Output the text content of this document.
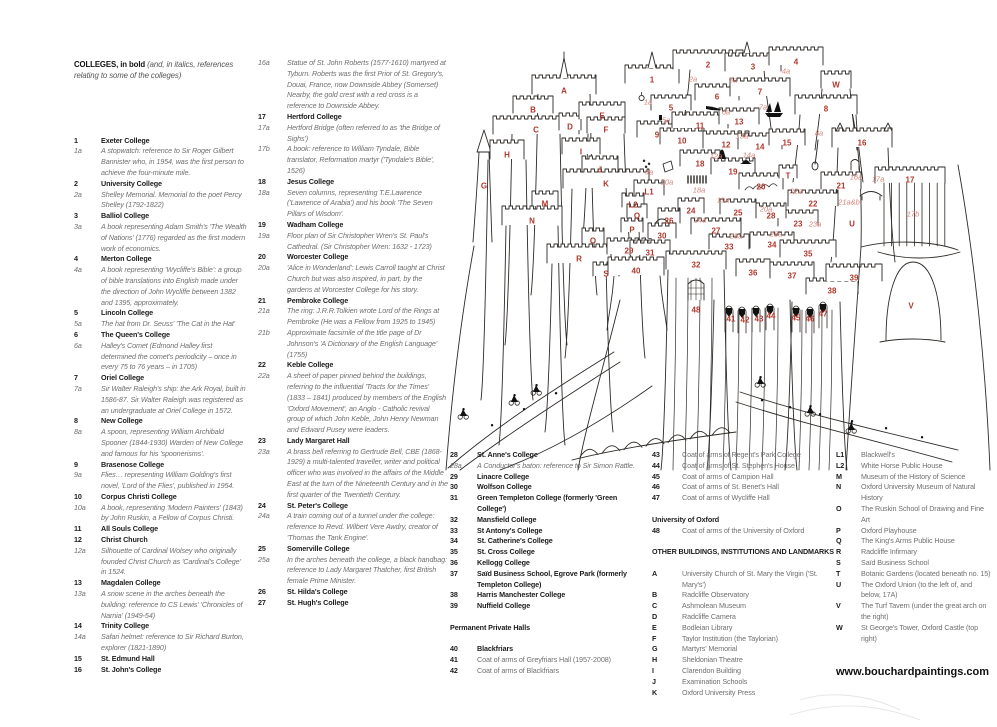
A
B
C	D
E
F
G
H	I
J
K
M
N
O
P
Q
R
S
T
U
V
W
L1
L2
1
2	3
4
5
6
7
8
9
10
11
12
13
14 15	16
17
18
19
20	21
22
23
24	25
26
27
28
29
30
31
32
33	34
35
36	37
38
39
40
41 42 43 44 45 46
47
48
1a
2a	3a
4a
5a
6a
7a
8a
9a
10a
12a
13a
14a
16a 17a
17b
18a
19a
20a
21a&b
22a
23a
24a
25a	28a
COLLEGES, in bold (and, in italics, references relating to some of the colleges)
1	Exeter College
1a	A stopwatch: reference to Sir Roger Gilbert Bannister who, in 1954, was the first person to achieve the four-minute mile.
2	University College
2a	Shelley Memorial. Memorial to the poet Percy Shelley (1792-1822)
3	Balliol College
3a	A book representing Adam Smith's 'The Wealth of Nations' (1776) regarded as the first modern work of economics.
4	Merton College
4a	A book representing 'Wycliffe's Bible': a group of bible translations into English made under the direction of John Wycliffe between 1382 and 1395, approximately.
5	Lincoln College
5a	The hat from Dr. Seuss' 'The Cat in the Hat'
6	The Queen's College
6a	Halley's Comet (Edmond Halley first determined the comet's periodicity – once in every 75 to 76 years – in 1705)
7	Oriel College
7a	Sir Walter Raleigh's ship: the Ark Royal, built in 1586-87. Sir Walter Raleigh was registered as an undergraduate at Oriel College in 1572.
8	New College
8a	A spoon, representing William Archibald Spooner (1844-1930) Warden of New College and famous for his 'spoonerisms'.
9	Brasenose College
9a	Flies… representing William Golding's first novel, 'Lord of the Flies', published in 1954.
10	Corpus Christi College
10a	A book, representing 'Modern Painters' (1843) by John Ruskin, a Fellow of Corpus Christi.
11	All Souls College
12	Christ Church
12a	Silhouette of Cardinal Wolsey who originally founded Christ Church as 'Cardinal's College' in 1524.
13	Magdalen College
13a	A snow scene in the arches beneath the building: reference to CS Lewis' 'Chronicles of Narnia' (1949-54)
14	Trinity College
14a	Safari helmet: reference to Sir Richard Burton, explorer (1821-1890)
15	St. Edmund Hall
16	St. John's College
16a	Statue of St. John Roberts (1577-1610) martyred at Tyburn. Roberts was the first Prior of St. Gregory's, Douai, France, now Downside Abbey (Somerset) Nearby, the gold crest with a red cross is a reference to Downside Abbey.
17	Hertford College
17a	Hertford Bridge (often referred to as 'the Bridge of Sighs')
17b	A book: reference to William Tyndale, Bible translator, Reformation martyr ('Tyndale's Bible', 1526)
18	Jesus College
18a	Seven columns, representing T.E.Lawrence ('Lawrence of Arabia') and his book 'The Seven Pillars of Wisdom'.
19	Wadham College
19a	Floor plan of Sir Christopher Wren's St. Paul's Cathedral. (Sir Christopher Wren: 1632 - 1723)
20	Worcester College
20a	'Alice in Wonderland': Lewis Carroll taught at Christ Church but was also inspired, in part, by the gardens at Worcester College for his story.
21	Pembroke College
21a	The ring: J.R.R.Tolkien wrote Lord of the Rings at Pembroke (He was a Fellow from 1925 to 1945)
21b	Approximate facsimile of the title page of Dr Johnson's 'A Dictionary of the English Language' (1755)
22	Keble College
22a	A sheet of paper pinned behind the buildings, referring to the influential 'Tracts for the Times' (1833 – 1841) produced by members of the English 'Oxford Movement', an Anglo - Catholic revival group of which John Keble, John Henry Newman and Edward Pusey were leaders.
23	Lady Margaret Hall
23a	A brass bell referring to Gertrude Bell, CBE (1868-1929) a multi-talented traveller, writer and political officer who was involved in the affairs of the Middle East at the turn of the Nineteenth Century and in the first quarter of the Twentieth Century.
24	St. Peter's College
24a	A train coming out of a tunnel under the college: reference to Revd. Wilbert Vere Awdry, creator of 'Thomas the Tank Engine'.
25	Somerville College
25a	In the arches beneath the college, a black handbag: reference to Lady Margaret Thatcher, first British female Prime Minister.
26	St. Hilda's College
27	St. Hugh's College
28	St. Anne's College
28a	A Conductor's baton: reference to Sir Simon Rattle.
29	Linacre College
30	Wolfson College
31	Green Templeton College (formerly 'Green College')
32	Mansfield College
33	St Antony's College
34	St. Catherine's College
35	St. Cross College
36	Kellogg College
37	Saïd Business School, Egrove Park (formerly Templeton College)
38	Harris Manchester College
39	Nuffield College
Permanent Private Halls
40	Blackfriars
41	Coat of arms of Greyfriars Hall (1957-2008)
42	Coat of arms of Blackfriars
43	Coat of arms of Regent's Park College
44	Coat of arms of St. Stephen's House
45	Coat of arms of Campion Hall
46	Coat of arms of St. Benet's Hall
47	Coat of arms of Wycliffe Hall
University of Oxford
48	Coat of arms of the University of Oxford
OTHER BUILDINGS, INSTITUTIONS AND LANDMARKS
A	University Church of St. Mary the Virgin ('St. Mary's')
B	Radcliffe Observatory
C	Ashmolean Museum
D	Radcliffe Camera
E	Bodleian Library
F	Taylor Institution (the Taylorian)
G	Martyrs' Memorial
H	Sheldonian Theatre
I	Clarendon Building
J	Examination Schools
K	Oxford University Press
L1	Blackwell's
L2	White Horse Public House
M	Museum of the History of Science
N	Oxford University Museum of Natural History
O	The Ruskin School of Drawing and Fine Art
P	Oxford Playhouse
Q	The King's Arms Public House
R	Radcliffe Infirmary
S	Saïd Business School
T	Botanic Gardens (located beneath no. 15)
U	The Oxford Union (to the left of, and below, 17A)
V	The Turf Tavern (under the great arch on the right)
W	St George's Tower, Oxford Castle (top right)
www.bouchardpaintings.com
